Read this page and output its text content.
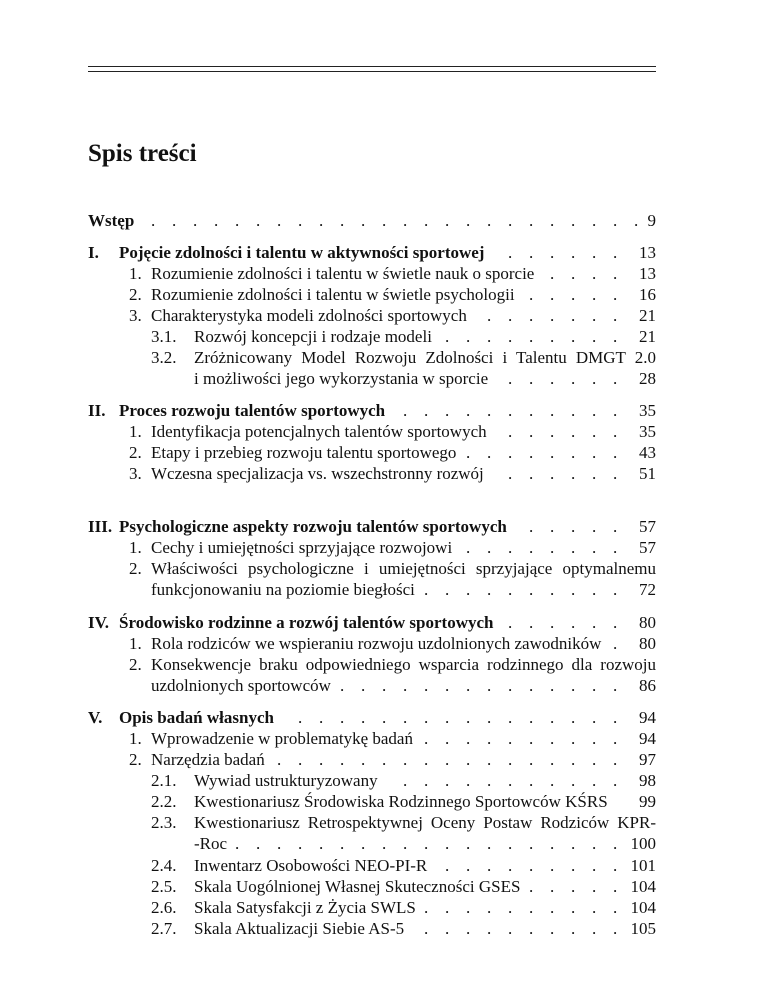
Spis treści
Wstęp	9
. . . . . . . . . . . . . . . . . . . . . . . .
I. Pojęcie zdolności i talentu w aktywności sportowej	13
. . . . . .
1. Rozumienie zdolności i talentu w świetle nauk o sporcie	13
. . . .
2. Rozumienie zdolności i talentu w świetle psychologii	16
. . . . .
3. Charakterystyka modeli zdolności sportowych	21
. . . . . . .
3.1. Rozwój koncepcji i rodzaje modeli	21
. . . . . . . . .
3.2. Zróżnicowany Model Rozwoju Zdolności i Talentu DMGT 2.0
i możliwości jego wykorzystania w sporcie	28
. . . . . .
II. Proces rozwoju talentów sportowych	35
. . . . . . . . . . .
1. Identyfikacja potencjalnych talentów sportowych	35
. . . . . .
2. Etapy i przebieg rozwoju talentu sportowego	43
. . . . . . . .
3. Wczesna specjalizacja vs. wszechstronny rozwój	51
. . . . . .
III. Psychologiczne aspekty rozwoju talentów sportowych	57
. . . . .
1. Cechy i umiejętności sprzyjające rozwojowi	57
. . . . . . . .
2. Właściwości psychologiczne i umiejętności sprzyjające optymalnemu
funkcjonowaniu na poziomie biegłości	72
. . . . . . . . . .
IV. Środowisko rodzinne a rozwój talentów sportowych	80
. . . . . .
1. Rola rodziców we wspieraniu rozwoju uzdolnionych zawodników 80
.
2. Konsekwencje braku odpowiedniego wsparcia rodzinnego dla rozwoju
uzdolnionych sportowców	86
. . . . . . . . . . . . . .
V. Opis badań własnych	94
. . . . . . . . . . . . . . . .
1. Wprowadzenie w problematykę badań	94
. . . . . . . . . .
2. Narzędzia badań	97
. . . . . . . . . . . . . . . . .
2.1. Wywiad ustrukturyzowany	98
. . . . . . . . . . .
2.2. Kwestionariusz Środowiska Rodzinnego Sportowców KŚRS 99
2.3. Kwestionariusz Retrospektywnej Oceny Postaw Rodziców KPR-
-Roc	100
. . . . . . . . . . . . . . . . . . .
2.4. Inwentarz Osobowości NEO-PI-R	101
. . . . . . . . .
2.5. Skala Uogólnionej Własnej Skuteczności GSES	104
. . . . .
2.6. Skala Satysfakcji z Życia SWLS	104
. . . . . . . . . .
2.7. Skala Aktualizacji Siebie AS-5	105
. . . . . . . . . .
